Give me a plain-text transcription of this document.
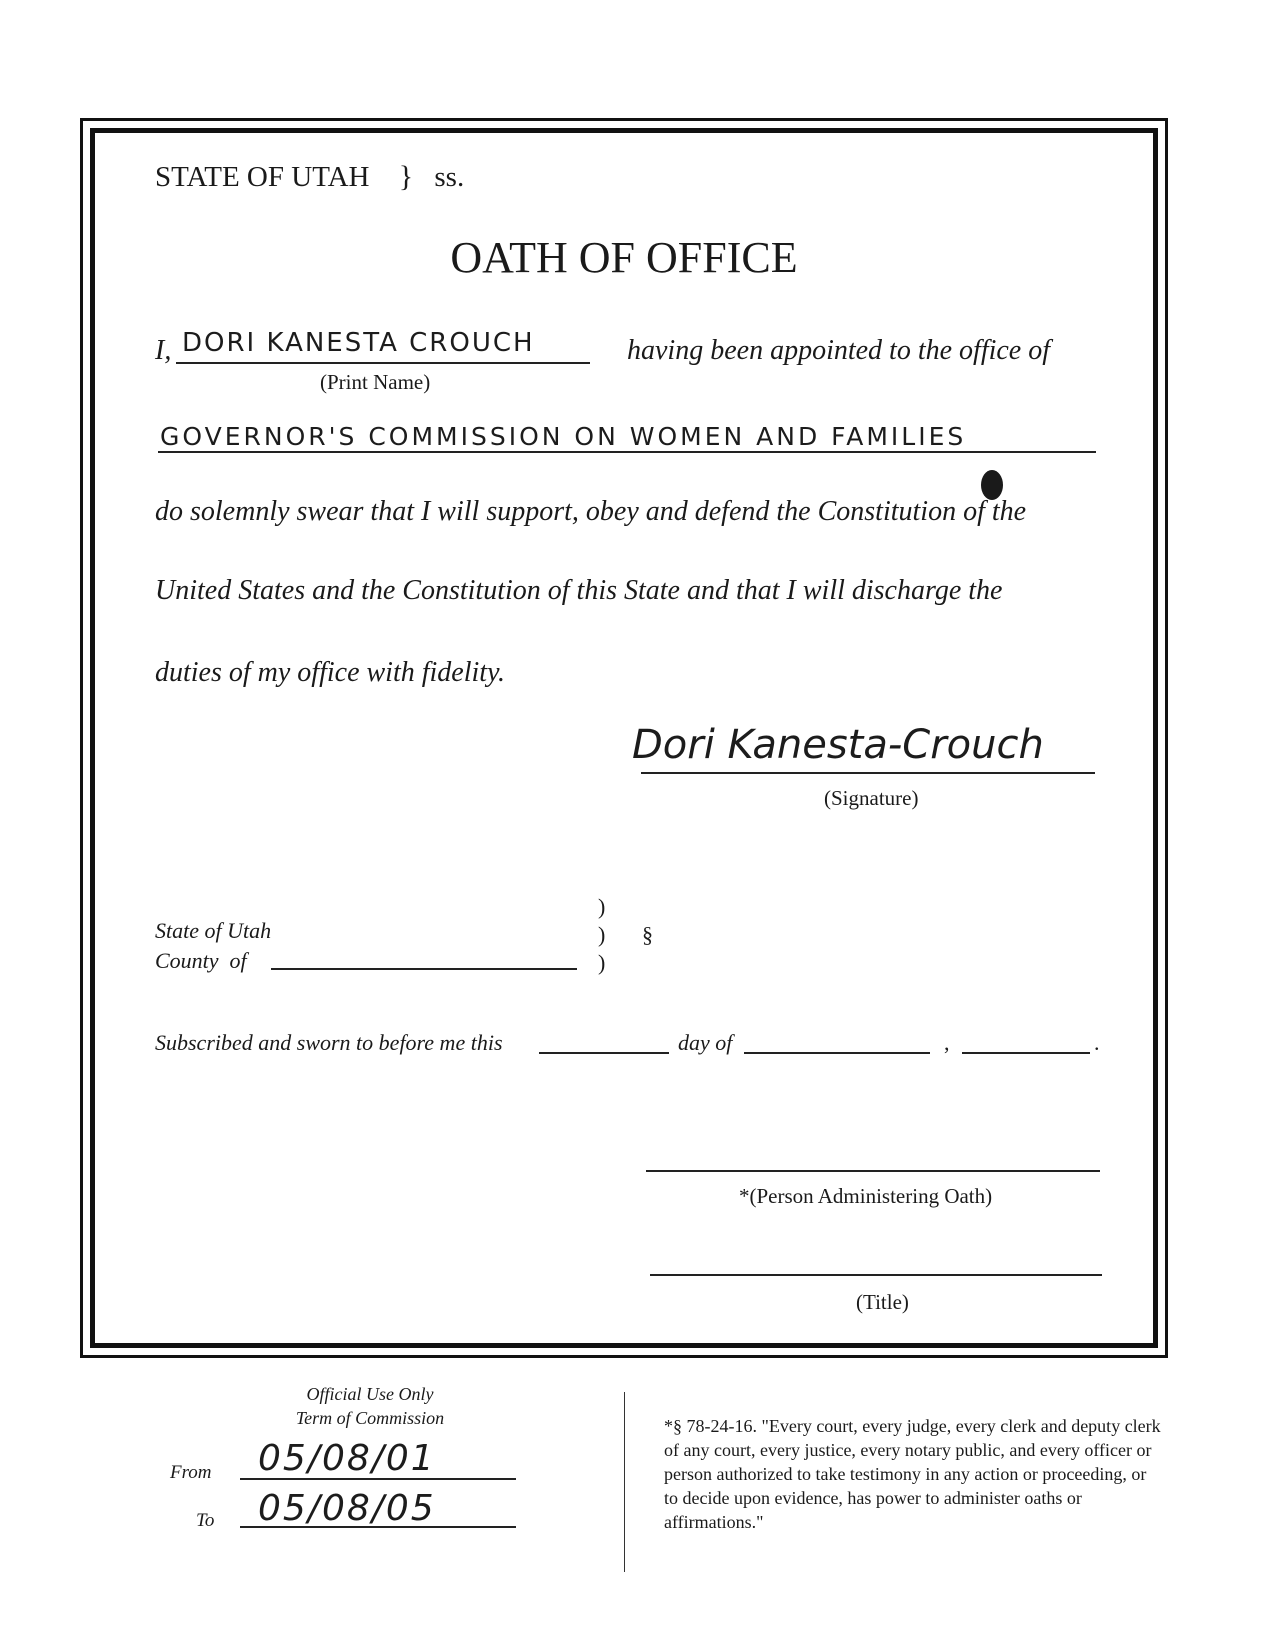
STATE OF UTAH } ss.
OATH OF OFFICE
I, DORI KANESTA CROUCH
(Print Name)
having been appointed to the office of
GOVERNOR'S COMMISSION ON WOMEN AND FAMILIES
do solemnly swear that I will support, obey and defend the Constitution of the
United States and the Constitution of this State and that I will discharge the
duties of my office with fidelity.
Dori Kanesta-Crouch
(Signature)
State of Utah
County  of
)
)
)
§
Subscribed and sworn to before me this	day of	,	.
*(Person Administering Oath)
(Title)
Official Use Only
Term of Commission
From 05/08/01
To 05/08/05
*§ 78-24-16. "Every court, every judge, every clerk and deputy clerk of any court, every justice, every notary public, and every officer or person authorized to take testimony in any action or proceeding, or to decide upon evidence, has power to administer oaths or affirmations."
